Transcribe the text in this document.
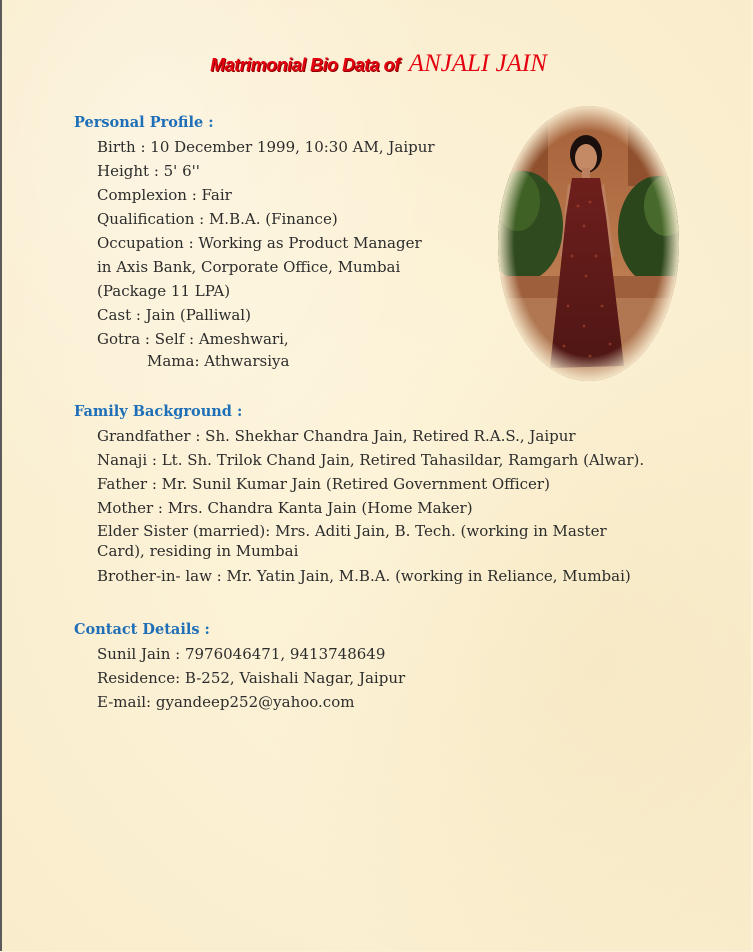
Matrimonial Bio Data of ANJALI JAIN
Personal Profile :
Birth : 10 December 1999, 10:30 AM, Jaipur
Height : 5' 6''
Complexion : Fair
Qualification : M.B.A. (Finance)
Occupation : Working as Product Manager
in Axis Bank, Corporate Office, Mumbai
(Package 11 LPA)
Cast : Jain (Palliwal)
Gotra : Self : Ameshwari,
Mama: Athwarsiya
Family Background :
Grandfather : Sh. Shekhar Chandra Jain, Retired R.A.S., Jaipur
Nanaji : Lt. Sh. Trilok Chand Jain, Retired Tahasildar, Ramgarh (Alwar).
Father : Mr. Sunil Kumar Jain (Retired Government Officer)
Mother : Mrs. Chandra Kanta Jain (Home Maker)
Elder Sister (married): Mrs. Aditi Jain, B. Tech. (working in Master Card), residing in Mumbai
Brother-in- law : Mr. Yatin Jain, M.B.A. (working in Reliance, Mumbai)
Contact Details :
Sunil Jain : 7976046471, 9413748649
Residence: B-252, Vaishali Nagar, Jaipur
E-mail: gyandeep252@yahoo.com
